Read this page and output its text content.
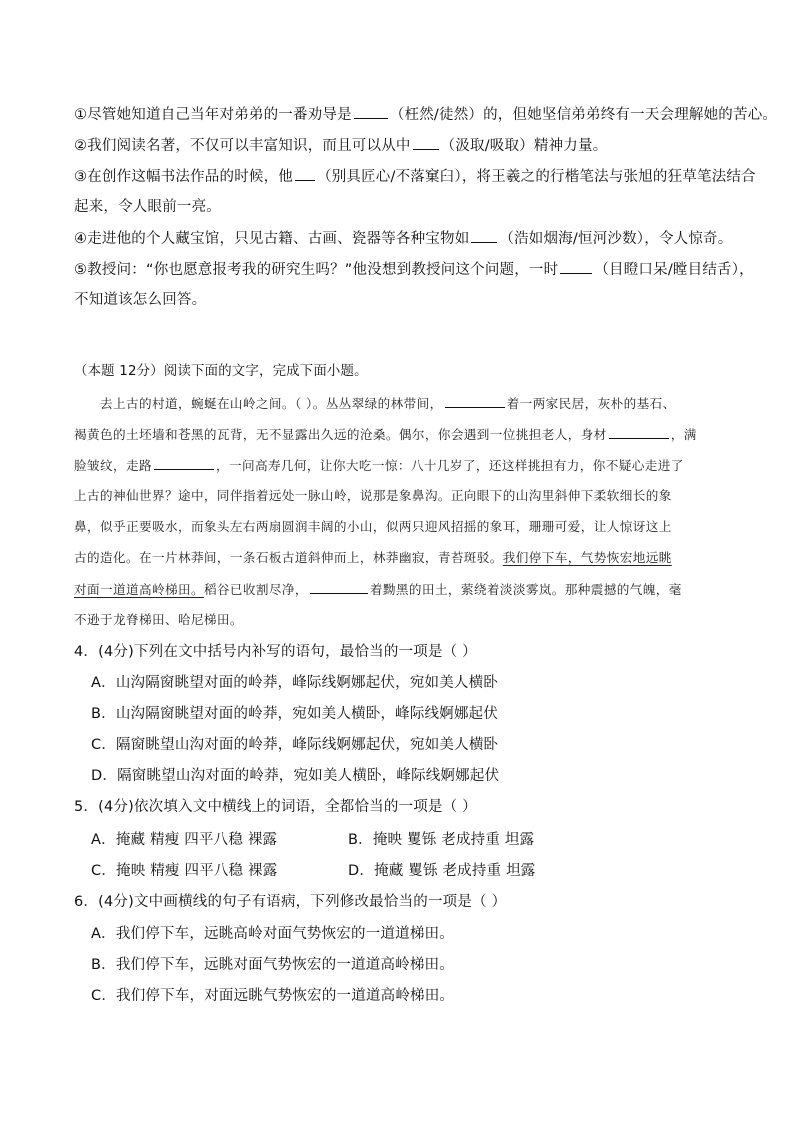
①尽管她知道自己当年对弟弟的一番劝导是	（枉然/徒然）的，但她坚信弟弟终有一天会理解她的苦心。
②我们阅读名著，不仅可以丰富知识，而且可以从中 （汲取/吸取）精神力量。
③在创作这幅书法作品的时候，他 （别具匠心/不落窠臼），将王羲之的行楷笔法与张旭的狂草笔法结合
起来，令人眼前一亮。
④走进他的个人藏宝馆，只见古籍、古画、瓷器等各种宝物如 （浩如烟海/恒河沙数），令人惊奇。
⑤教授问：“你也愿意报考我的研究生吗？”他没想到教授问这个问题，一时 （目瞪口呆/瞠目结舌），
不知道该怎么回答。
（本题 12分）阅读下面的文字，完成下面小题。
去上古的村道，蜿蜒在山岭之间。（ ）。丛丛翠绿的林带间，	着一两家民居，灰朴的基石、
褐黄色的土坯墙和苍黑的瓦背，无不显露出久远的沧桑。偶尔，你会遇到一位挑担老人，身材	，满
脸皱纹，走路	，一问高寿几何，让你大吃一惊：八十几岁了，还这样挑担有力，你不疑心走进了
上古的神仙世界？途中，同伴指着远处一脉山岭，说那是象鼻沟。正向眼下的山沟里斜伸下柔软细长的象
鼻，似乎正要吸水，而象头左右两扇圆润丰阔的小山，似两只迎风招摇的象耳，珊珊可爱，让人惊讶这上
古的造化。在一片林莽间，一条石板古道斜伸而上，林莽幽寂，青苔斑驳。我们停下车，气势恢宏地远眺
对面一道道高岭梯田。稻谷已收割尽净，	着黝黑的田土，萦绕着淡淡雾岚。那种震撼的气魄，毫
不逊于龙脊梯田、哈尼梯田。
4．(4分)下列在文中括号内补写的语句，最恰当的一项是（ ）
A．山沟隔窗眺望对面的岭莽，峰际线婀娜起伏，宛如美人横卧
B．山沟隔窗眺望对面的岭莽，宛如美人横卧，峰际线婀娜起伏
C．隔窗眺望山沟对面的岭莽，峰际线婀娜起伏，宛如美人横卧
D．隔窗眺望山沟对面的岭莽，宛如美人横卧，峰际线婀娜起伏
5．(4分)依次填入文中横线上的词语，全都恰当的一项是（ ）
A．掩藏 精瘦 四平八稳 裸露	B．掩映 矍铄 老成持重 坦露
C．掩映 精瘦 四平八稳 裸露	D．掩藏 矍铄 老成持重 坦露
6．(4分)文中画横线的句子有语病，下列修改最恰当的一项是（ ）
A．我们停下车，远眺高岭对面气势恢宏的一道道梯田。
B．我们停下车，远眺对面气势恢宏的一道道高岭梯田。
C．我们停下车，对面远眺气势恢宏的一道道高岭梯田。
